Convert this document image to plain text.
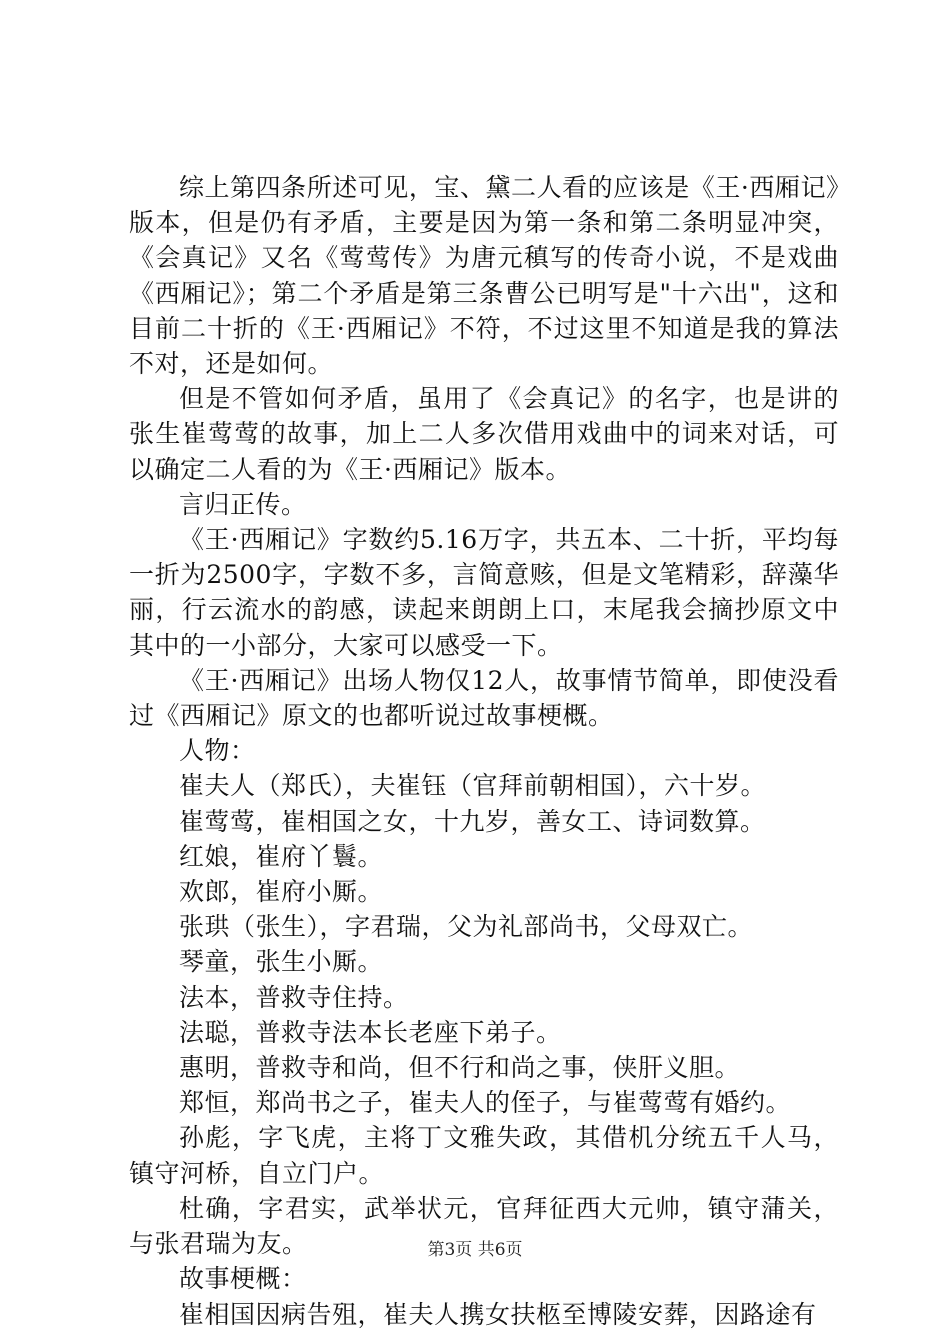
综上第四条所述可见，宝、黛二人看的应该是《王·西厢记》版本，但是仍有矛盾，主要是因为第一条和第二条明显冲突，《会真记》又名《莺莺传》为唐元稹写的传奇小说，不是戏曲《西厢记》；第二个矛盾是第三条曹公已明写是"十六出"，这和目前二十折的《王·西厢记》不符，不过这里不知道是我的算法不对，还是如何。

但是不管如何矛盾，虽用了《会真记》的名字，也是讲的张生崔莺莺的故事，加上二人多次借用戏曲中的词来对话，可以确定二人看的为《王·西厢记》版本。

言归正传。

《王·西厢记》字数约5.16万字，共五本、二十折，平均每一折为2500字，字数不多，言简意赅，但是文笔精彩，辞藻华丽，行云流水的韵感，读起来朗朗上口，末尾我会摘抄原文中其中的一小部分，大家可以感受一下。

《王·西厢记》出场人物仅12人，故事情节简单，即使没看过《西厢记》原文的也都听说过故事梗概。

人物：

崔夫人（郑氏），夫崔钰（官拜前朝相国），六十岁。

崔莺莺，崔相国之女，十九岁，善女工、诗词数算。

红娘，崔府丫鬟。

欢郎，崔府小厮。

张珙（张生），字君瑞，父为礼部尚书，父母双亡。

琴童，张生小厮。

法本，普救寺住持。

法聪，普救寺法本长老座下弟子。

惠明，普救寺和尚，但不行和尚之事，侠肝义胆。

郑恒，郑尚书之子，崔夫人的侄子，与崔莺莺有婚约。

孙彪，字飞虎，主将丁文雅失政，其借机分统五千人马，镇守河桥，自立门户。

杜确，字君实，武举状元，官拜征西大元帅，镇守蒲关，与张君瑞为友。

故事梗概：

崔相国因病告殂，崔夫人携女扶柩至博陵安葬，因路途有

第3页 共6页
